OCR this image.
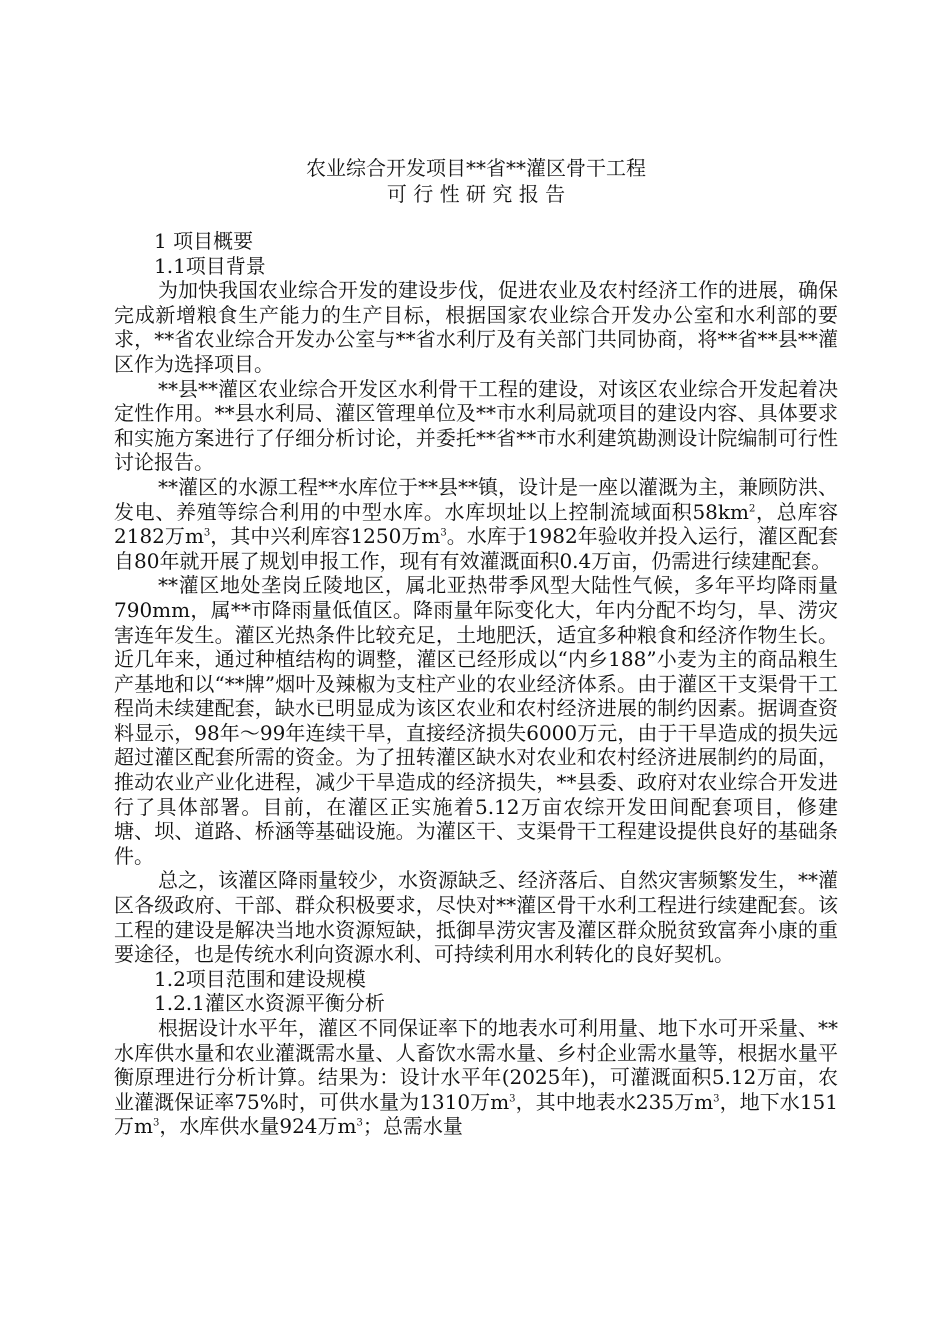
农业综合开发项目**省**灌区骨干工程

可 行 性 研 究 报 告

1 项目概要

1.1项目背景

为加快我国农业综合开发的建设步伐，促进农业及农村经济工作的进展，确保完成新增粮食生产能力的生产目标，根据国家农业综合开发办公室和水利部的要求，**省农业综合开发办公室与**省水利厅及有关部门共同协商，将**省**县**灌区作为选择项目。

**县**灌区农业综合开发区水利骨干工程的建设，对该区农业综合开发起着决定性作用。**县水利局、灌区管理单位及**市水利局就项目的建设内容、具体要求和实施方案进行了仔细分析讨论，并委托**省**市水利建筑勘测设计院编制可行性讨论报告。

**灌区的水源工程**水库位于**县**镇，设计是一座以灌溉为主，兼顾防洪、发电、养殖等综合利用的中型水库。水库坝址以上控制流域面积$58km^2$，总库容2182万$m^3$，其中兴利库容1250万$m^3$。水库于1982年验收并投入运行，灌区配套自80年就开展了规划申报工作，现有有效灌溉面积0.4万亩，仍需进行续建配套。

**灌区地处垄岗丘陵地区，属北亚热带季风型大陆性气候，多年平均降雨量790mm，属**市降雨量低值区。降雨量年际变化大，年内分配不均匀，旱、涝灾害连年发生。灌区光热条件比较充足，土地肥沃，适宜多种粮食和经济作物生长。近几年来，通过种植结构的调整，灌区已经形成以“内乡188”小麦为主的商品粮生产基地和以“**牌”烟叶及辣椒为支柱产业的农业经济体系。由于灌区干支渠骨干工程尚未续建配套，缺水已明显成为该区农业和农村经济进展的制约因素。据调查资料显示，98年～99年连续干旱，直接经济损失6000万元，由于干旱造成的损失远超过灌区配套所需的资金。为了扭转灌区缺水对农业和农村经济进展制约的局面，推动农业产业化进程，减少干旱造成的经济损失，**县委、政府对农业综合开发进行了具体部署。目前，在灌区正实施着5.12万亩农综开发田间配套项目，修建塘、坝、道路、桥涵等基础设施。为灌区干、支渠骨干工程建设提供良好的基础条件。

总之，该灌区降雨量较少，水资源缺乏、经济落后、自然灾害频繁发生，**灌区各级政府、干部、群众积极要求，尽快对**灌区骨干水利工程进行续建配套。该工程的建设是解决当地水资源短缺，抵御旱涝灾害及灌区群众脱贫致富奔小康的重要途径，也是传统水利向资源水利、可持续利用水利转化的良好契机。

1.2项目范围和建设规模

1.2.1灌区水资源平衡分析

根据设计水平年，灌区不同保证率下的地表水可利用量、地下水可开采量、**水库供水量和农业灌溉需水量、人畜饮水需水量、乡村企业需水量等，根据水量平衡原理进行分析计算。结果为：设计水平年(2025年)，可灌溉面积5.12万亩，农业灌溉保证率75%时，可供水量为1310万$m^3$，其中地表水235万$m^3$，地下水151万$m^3$，水库供水量924万$m^3$；总需水量
